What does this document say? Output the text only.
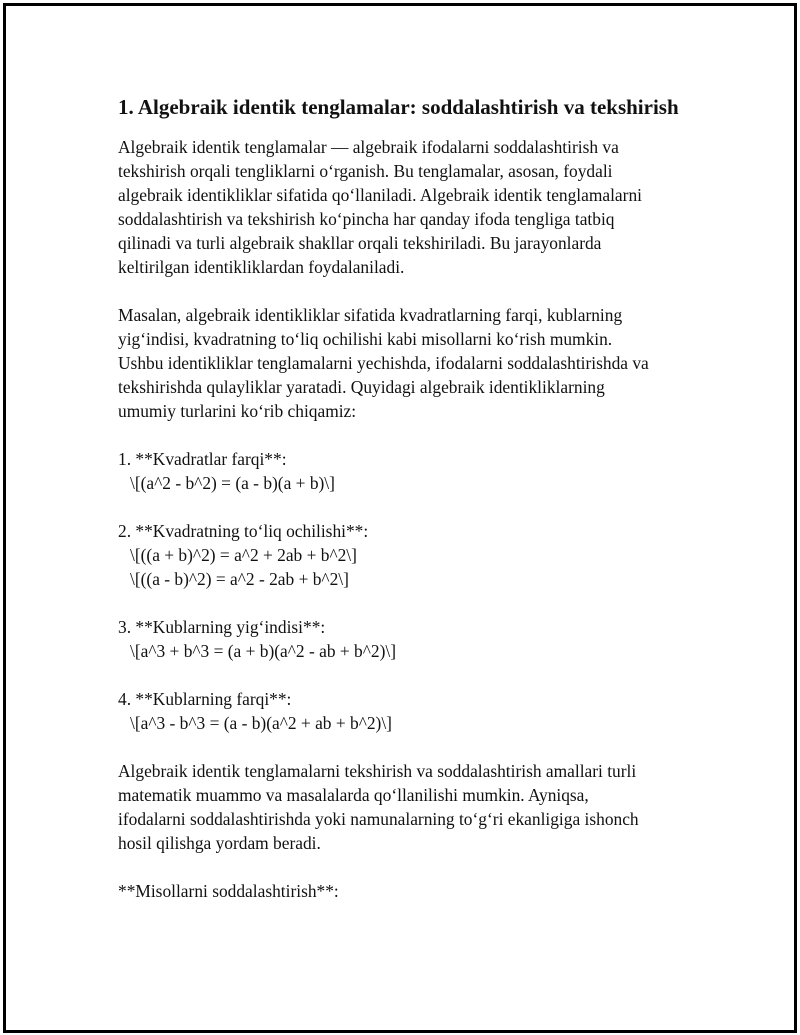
1. Algebraik identik tenglamalar: soddalashtirish va tekshirish

Algebraik identik tenglamalar — algebraik ifodalarni soddalashtirish va
tekshirish orqali tengliklarni o‘rganish. Bu tenglamalar, asosan, foydali
algebraik identikliklar sifatida qo‘llaniladi. Algebraik identik tenglamalarni
soddalashtirish va tekshirish ko‘pincha har qanday ifoda tengliga tatbiq
qilinadi va turli algebraik shakllar orqali tekshiriladi. Bu jarayonlarda
keltirilgan identikliklardan foydalaniladi.

Masalan, algebraik identikliklar sifatida kvadratlarning farqi, kublarning
yig‘indisi, kvadratning to‘liq ochilishi kabi misollarni ko‘rish mumkin.
Ushbu identikliklar tenglamalarni yechishda, ifodalarni soddalashtirishda va
tekshirishda qulayliklar yaratadi. Quyidagi algebraik identikliklarning
umumiy turlarini ko‘rib chiqamiz:

1. **Kvadratlar farqi**:
\[(a^2 - b^2) = (a - b)(a + b)\]
2. **Kvadratning to‘liq ochilishi**:
\[((a + b)^2) = a^2 + 2ab + b^2\]
\[((a - b)^2) = a^2 - 2ab + b^2\]
3. **Kublarning yig‘indisi**:
\[a^3 + b^3 = (a + b)(a^2 - ab + b^2)\]
4. **Kublarning farqi**:
\[a^3 - b^3 = (a - b)(a^2 + ab + b^2)\]

Algebraik identik tenglamalarni tekshirish va soddalashtirish amallari turli
matematik muammo va masalalarda qo‘llanilishi mumkin. Ayniqsa,
ifodalarni soddalashtirishda yoki namunalarning to‘g‘ri ekanligiga ishonch
hosil qilishga yordam beradi.

**Misollarni soddalashtirish**:
